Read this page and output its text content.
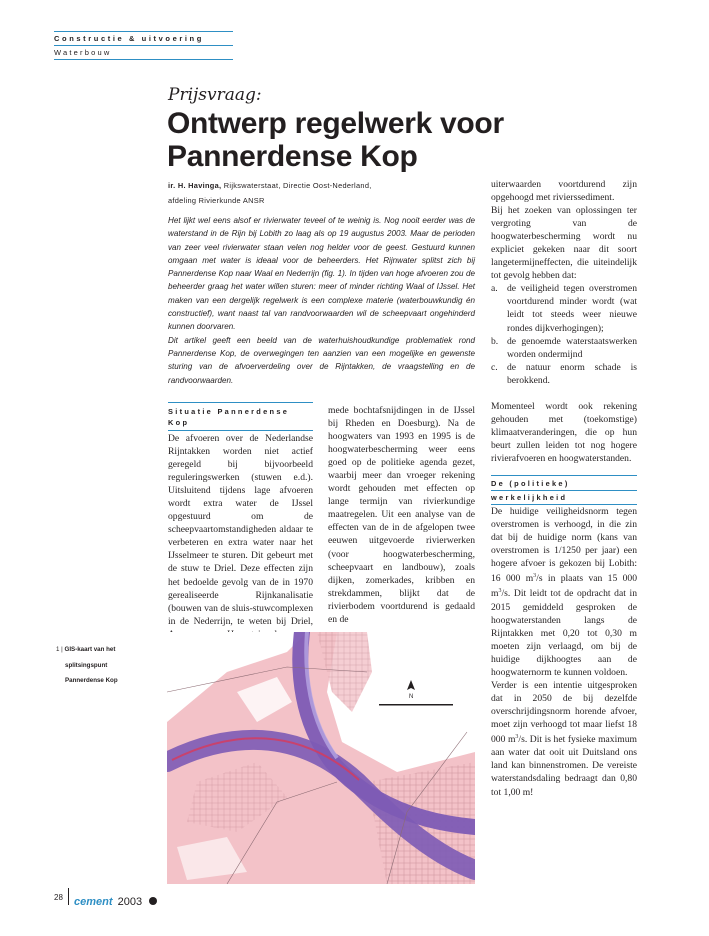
Constructie & uitvoering
Waterbouw
Prijsvraag:
Ontwerp regelwerk voor
Pannerdense Kop
ir. H. Havinga, Rijkswaterstaat, Directie Oost-Nederland,
afdeling Rivierkunde ANSR

Het lijkt wel eens alsof er rivierwater teveel of te weinig is. Nog nooit eerder was de waterstand in de Rijn bij Lobith zo laag als op 19 augustus 2003. Maar de perioden van zeer veel rivierwater staan velen nog helder voor de geest. Gestuurd kunnen omgaan met water is ideaal voor de beheerders. Het Rijnwater splitst zich bij Pannerdense Kop naar Waal en Nederrijn (fig. 1). In tijden van hoge afvoeren zou de beheerder graag het water willen sturen: meer of minder richting Waal of IJssel. Het maken van een dergelijk regelwerk is een complexe materie (waterbouwkundig én constructief), want naast tal van randvoorwaarden wil de scheepvaart ongehinderd kunnen doorvaren.

Dit artikel geeft een beeld van de waterhuishoudkundige problematiek rond Pannerdense Kop, de overwegingen ten aanzien van een mogelijke en gewenste sturing van de afvoerverdeling over de Rijntakken, de vraagstelling en de randvoorwaarden.

Situatie Pannerdense Kop

De afvoeren over de Nederlandse Rijntakken worden niet actief geregeld bij bijvoorbeeld reguleringswerken (stuwen e.d.). Uitsluitend tijdens lage afvoeren wordt extra water de IJssel opgestuurd om de scheepvaartomstandigheden aldaar te verbeteren en extra water naar het IJsselmeer te sturen. Dit gebeurt met de stuw te Driel. Deze effecten zijn het bedoelde gevolg van de in 1970 gerealiseerde Rijnkanalisatie (bouwen van de sluis-stuwcomplexen in de Nederrijn, te weten bij Driel,

mede bochtafsnijdingen in de IJssel bij Rheden en Doesburg). Na de hoogwaters van 1993 en 1995 is de hoogwaterbescherming weer eens goed op de politieke agenda gezet, waarbij meer dan vroeger rekening wordt gehouden met effecten op lange termijn van rivierkundige maatregelen. Uit een analyse van de effecten van de in de afgelopen twee eeuwen uitgevoerde rivierwerken (voor hoogwaterbescherming, scheepvaart en landbouw), zoals dijken, zomerkades, kribben en strekdammen, blijkt dat de rivierbodem voortdurend is gedaald en de

uiterwaarden voortdurend zijn opgehoogd met rivierssediment.

Bij het zoeken van oplossingen ter vergroting van de hoogwaterbescherming wordt nu expliciet gekeken naar dit soort langetermijneffecten, die uiteindelijk tot gevolg hebben dat:

a. de veiligheid tegen overstromen voortdurend minder wordt (wat leidt tot steeds weer nieuwe rondes dijkverhogingen);
b. de genoemde waterstaatswerken worden ondermijnd
c. de natuur enorm schade is berokkend.

Momenteel wordt ook rekening gehouden met (toekomstige) klimaatveranderingen, die op hun beurt zullen leiden tot nog hogere rivierafvoeren en hoogwaterstanden.

De (politieke)
werkelijkheid

De huidige veiligheidsnorm tegen overstromen is verhoogd, in die zin dat bij de huidige norm (kans van overstromen is 1/1250 per jaar) een hogere afvoer is gekozen bij Lobith: 16 000 $m^3/s$ in plaats van 15 000 $m^3/s$. Dit leidt tot de opdracht dat in 2015 gemiddeld gesproken de hoogwaterstanden langs de Rijntakken met 0,20 tot 0,30 m moeten zijn verlaagd, om bij de huidige dijkhoogtes aan de hoogwaternorm te kunnen voldoen.

Verder is een intentie uitgesproken dat in 2050 de bij dezelfde overschrijdingsnorm horende afvoer, moet zijn verhoogd tot maar liefst 18 000 $m^3/s$. Dit is het fysieke maximum aan water dat ooit uit Duitsland ons land kan binnenstromen. De vereiste waterstandsdaling bedraagt dan 0,80 tot 1,00 m!

1 | GIS-kaart van het
splitsingspunt
Pannerdense Kop
N
28 cement 2003
